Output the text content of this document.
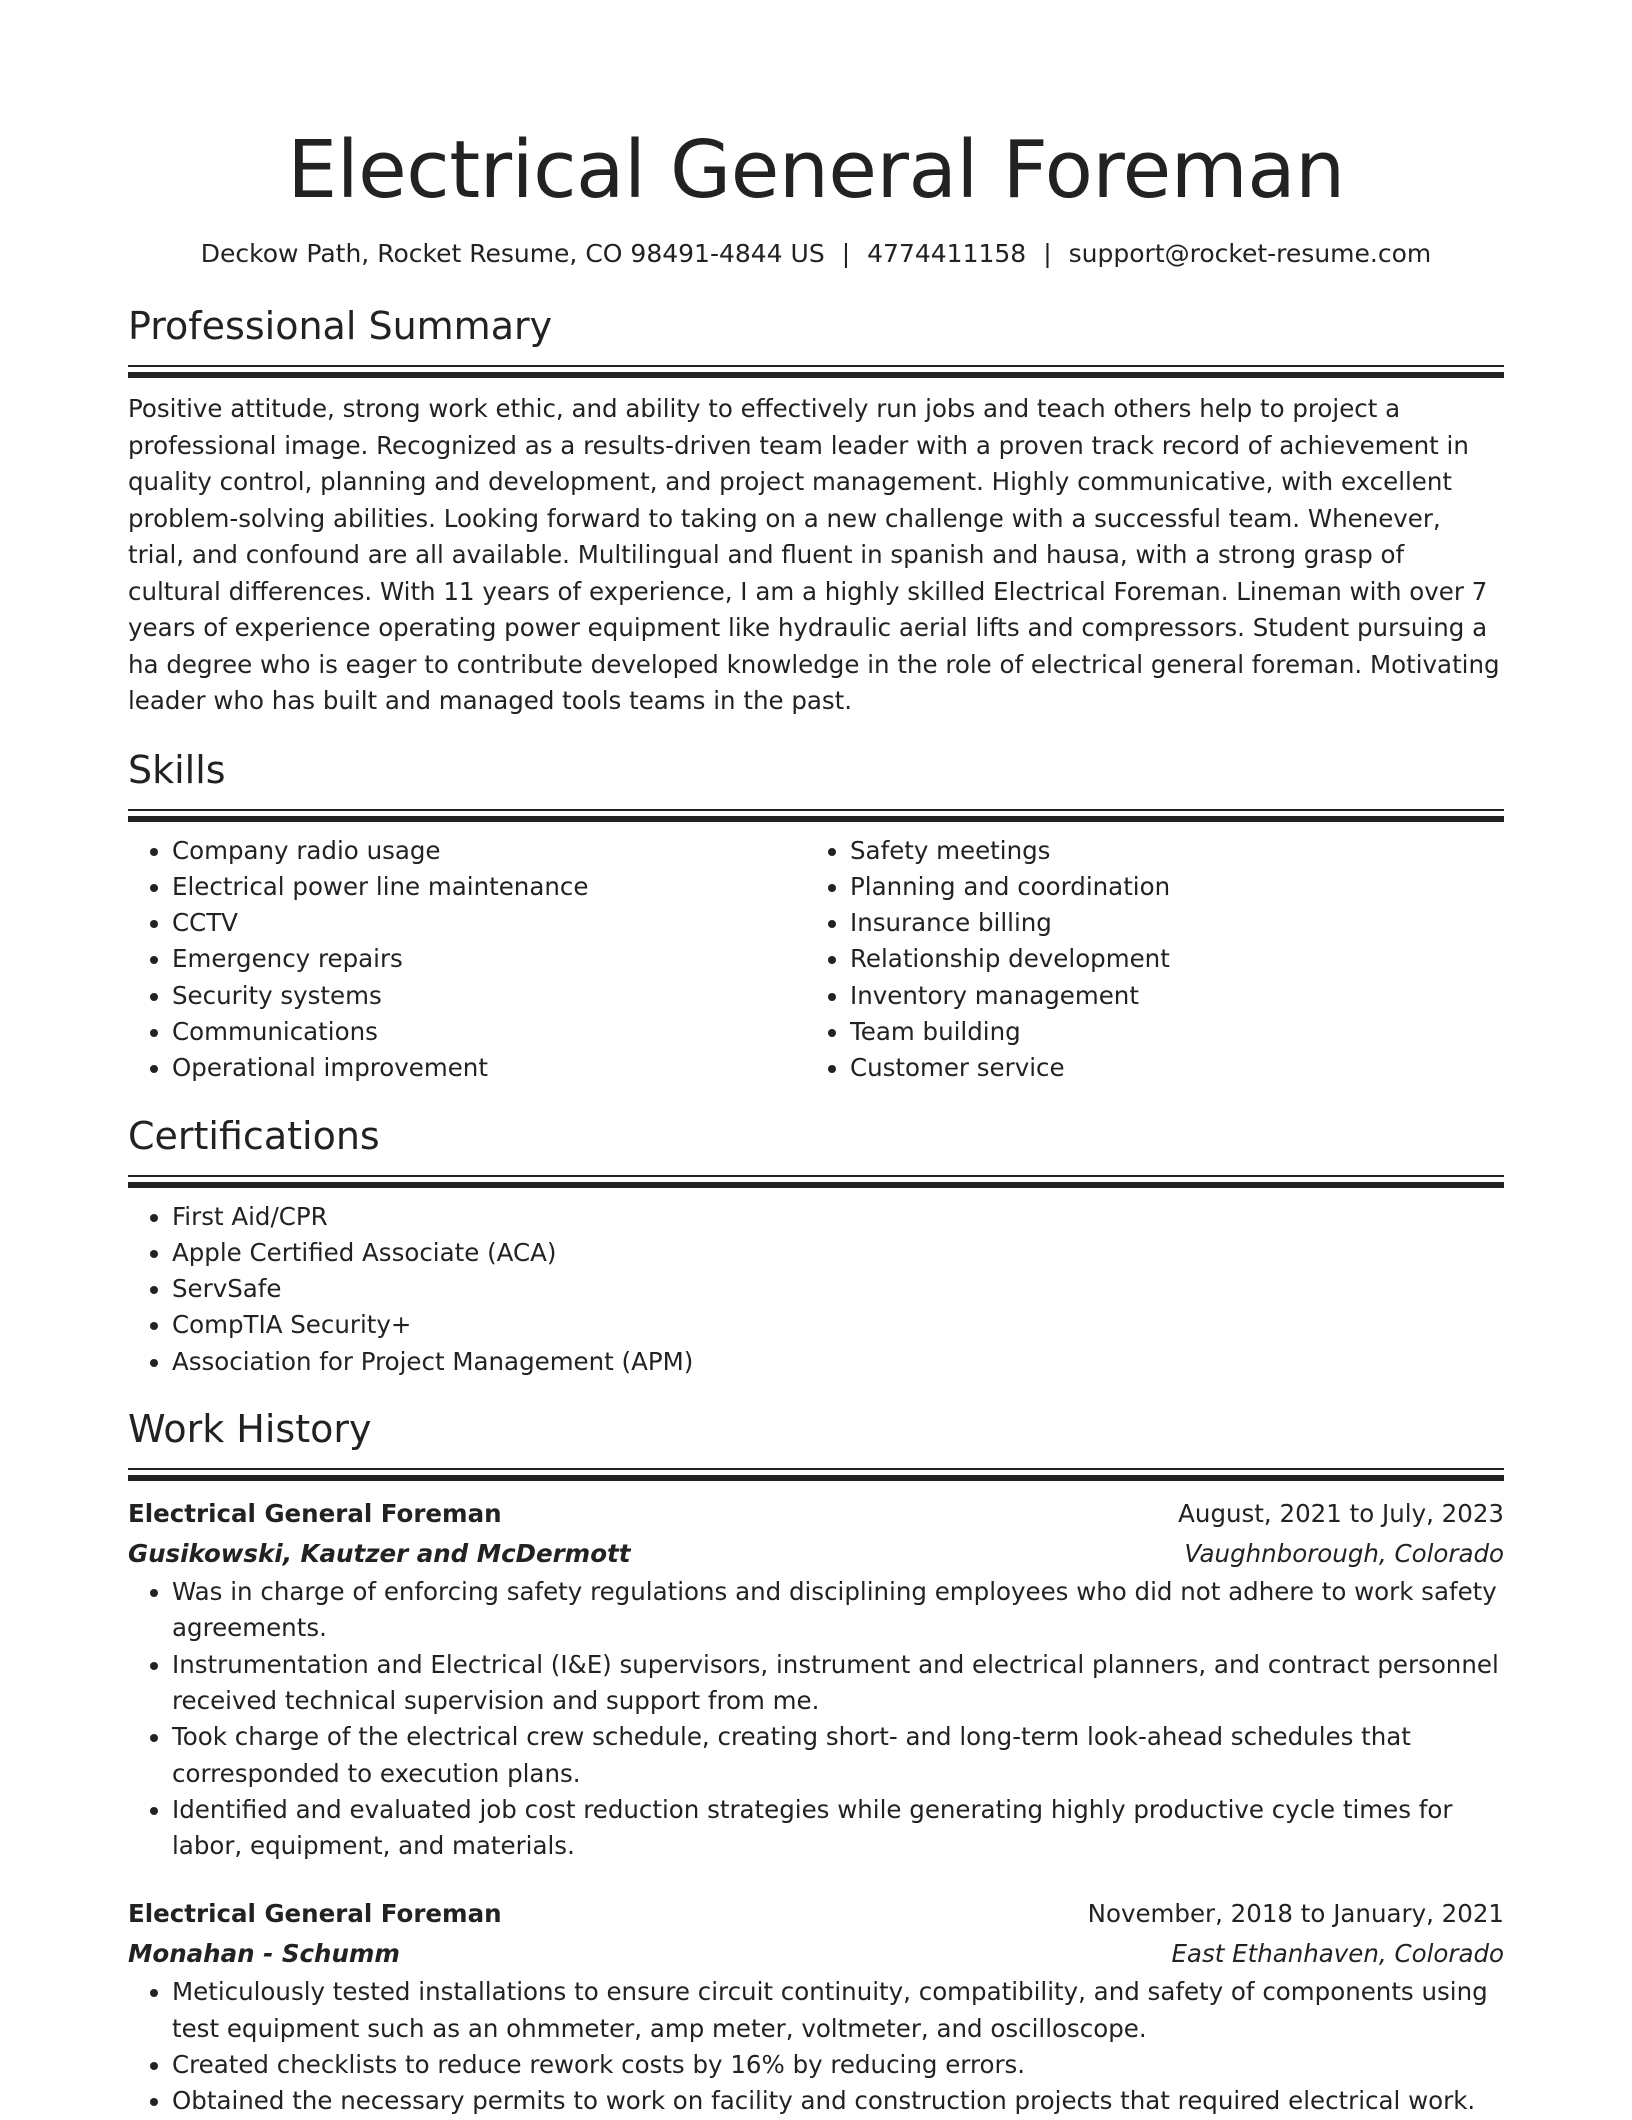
Electrical General Foreman
Deckow Path, Rocket Resume, CO 98491-4844 US | 4774411158 | support@rocket-resume.com
Professional Summary

Positive attitude, strong work ethic, and ability to effectively run jobs and teach others help to project a professional image. Recognized as a results-driven team leader with a proven track record of achievement in quality control, planning and development, and project management. Highly communicative, with excellent problem-solving abilities. Looking forward to taking on a new challenge with a successful team. Whenever, trial, and confound are all available. Multilingual and fluent in spanish and hausa, with a strong grasp of cultural differences. With 11 years of experience, I am a highly skilled Electrical Foreman. Lineman with over 7 years of experience operating power equipment like hydraulic aerial lifts and compressors. Student pursuing a ha degree who is eager to contribute developed knowledge in the role of electrical general foreman. Motivating leader who has built and managed tools teams in the past.

Skills
• Company radio usage
• Electrical power line maintenance
• CCTV
• Emergency repairs
• Security systems
• Communications
• Operational improvement
• Safety meetings
• Planning and coordination
• Insurance billing
• Relationship development
• Inventory management
• Team building
• Customer service
Certifications
• First Aid/CPR
• Apple Certified Associate (ACA)
• ServSafe
• CompTIA Security+
• Association for Project Management (APM)
Work History
Electrical General Foreman	August, 2021 to July, 2023
Gusikowski, Kautzer and McDermott	Vaughnborough, Colorado
• Was in charge of enforcing safety regulations and disciplining employees who did not adhere to work safety agreements.
• Instrumentation and Electrical (I&E) supervisors, instrument and electrical planners, and contract personnel received technical supervision and support from me.
• Took charge of the electrical crew schedule, creating short- and long-term look-ahead schedules that corresponded to execution plans.
• Identified and evaluated job cost reduction strategies while generating highly productive cycle times for labor, equipment, and materials.
Electrical General Foreman	November, 2018 to January, 2021
Monahan - Schumm	East Ethanhaven, Colorado
• Meticulously tested installations to ensure circuit continuity, compatibility, and safety of components using test equipment such as an ohmmeter, amp meter, voltmeter, and oscilloscope.
• Created checklists to reduce rework costs by 16% by reducing errors.
• Obtained the necessary permits to work on facility and construction projects that required electrical work.
